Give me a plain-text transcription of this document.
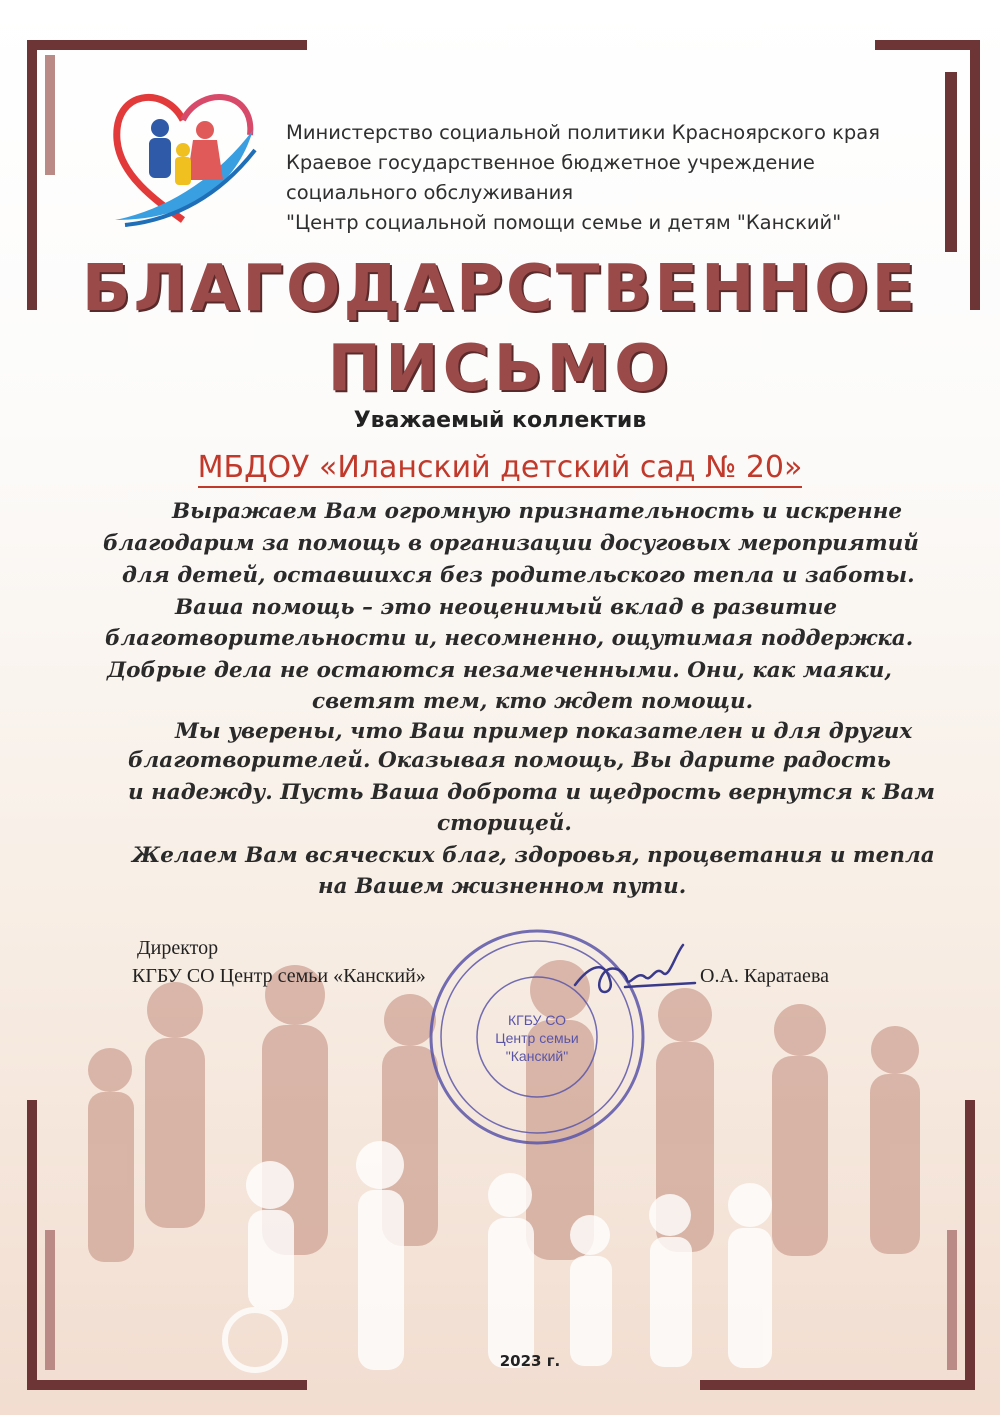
Министерство социальной политики Красноярского края
Краевое государственное бюджетное учреждение
социального обслуживания
"Центр социальной помощи семье и детям "Канский"
БЛАГОДАРСТВЕННОЕ
ПИСЬМО
Уважаемый коллектив
МБДОУ «Иланский детский сад № 20»
Выражаем Вам огромную признательность и искренне
благодарим за помощь в организации досуговых мероприятий
для детей, оставшихся без родительского тепла и заботы.
Ваша помощь – это неоценимый вклад в развитие
благотворительности и, несомненно, ощутимая поддержка.
Добрые дела не остаются незамеченными. Они, как маяки,
светят тем, кто ждет помощи.
Мы уверены, что Ваш пример показателен и для других
благотворителей. Оказывая помощь, Вы дарите радость
и надежду. Пусть Ваша доброта и щедрость вернутся к Вам
сторицей.
Желаем Вам всяческих благ, здоровья, процветания и тепла
на Вашем жизненном пути.
Директор
КГБУ СО Центр семьи «Канский»	О.А. Каратаева
КГБУ СО
Центр семьи
"Канский"
2023 г.
